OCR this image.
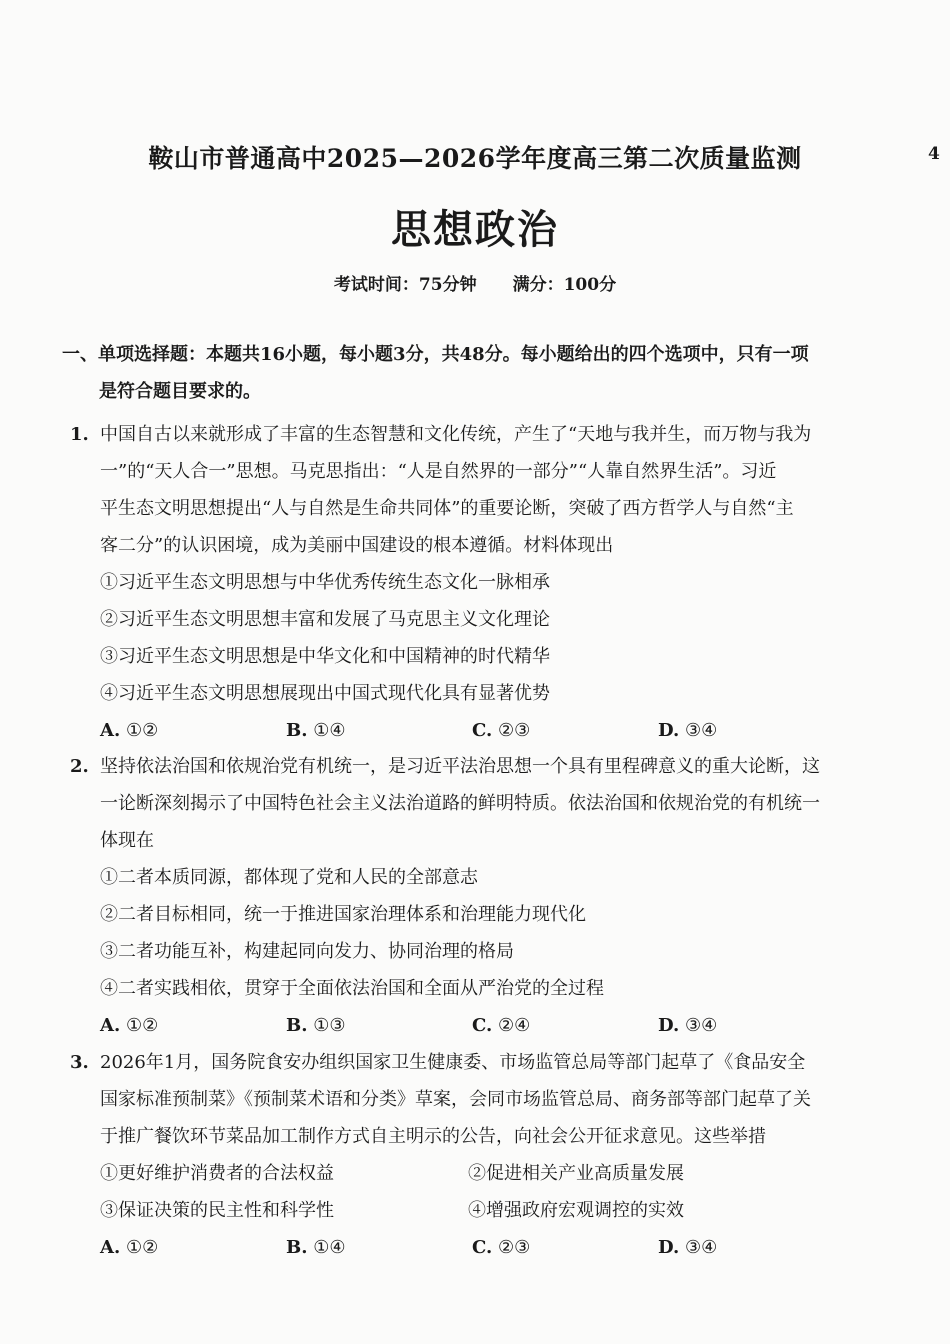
4
鞍山市普通高中2025—2026学年度高三第二次质量监测
思想政治
考试时间：75分钟 满分：100分
一、单项选择题：本题共16小题，每小题3分，共48分。每小题给出的四个选项中，只有一项
是符合题目要求的。
1. 中国自古以来就形成了丰富的生态智慧和文化传统，产生了“天地与我并生，而万物与我为
一”的“天人合一”思想。马克思指出：“人是自然界的一部分”“人靠自然界生活”。习近
平生态文明思想提出“人与自然是生命共同体”的重要论断，突破了西方哲学人与自然“主
客二分”的认识困境，成为美丽中国建设的根本遵循。材料体现出
①习近平生态文明思想与中华优秀传统生态文化一脉相承
②习近平生态文明思想丰富和发展了马克思主义文化理论
③习近平生态文明思想是中华文化和中国精神的时代精华
④习近平生态文明思想展现出中国式现代化具有显著优势
A. ①②	B. ①④	C. ②③	D. ③④
2. 坚持依法治国和依规治党有机统一，是习近平法治思想一个具有里程碑意义的重大论断，这
一论断深刻揭示了中国特色社会主义法治道路的鲜明特质。依法治国和依规治党的有机统一
体现在
①二者本质同源，都体现了党和人民的全部意志
②二者目标相同，统一于推进国家治理体系和治理能力现代化
③二者功能互补，构建起同向发力、协同治理的格局
④二者实践相依，贯穿于全面依法治国和全面从严治党的全过程
A. ①②	B. ①③	C. ②④	D. ③④
3. 2026年1月，国务院食安办组织国家卫生健康委、市场监管总局等部门起草了《食品安全
国家标准预制菜》《预制菜术语和分类》草案，会同市场监管总局、商务部等部门起草了关
于推广餐饮环节菜品加工制作方式自主明示的公告，向社会公开征求意见。这些举措
①更好维护消费者的合法权益	②促进相关产业高质量发展
③保证决策的民主性和科学性	④增强政府宏观调控的实效
A. ①②	B. ①④	C. ②③	D. ③④
